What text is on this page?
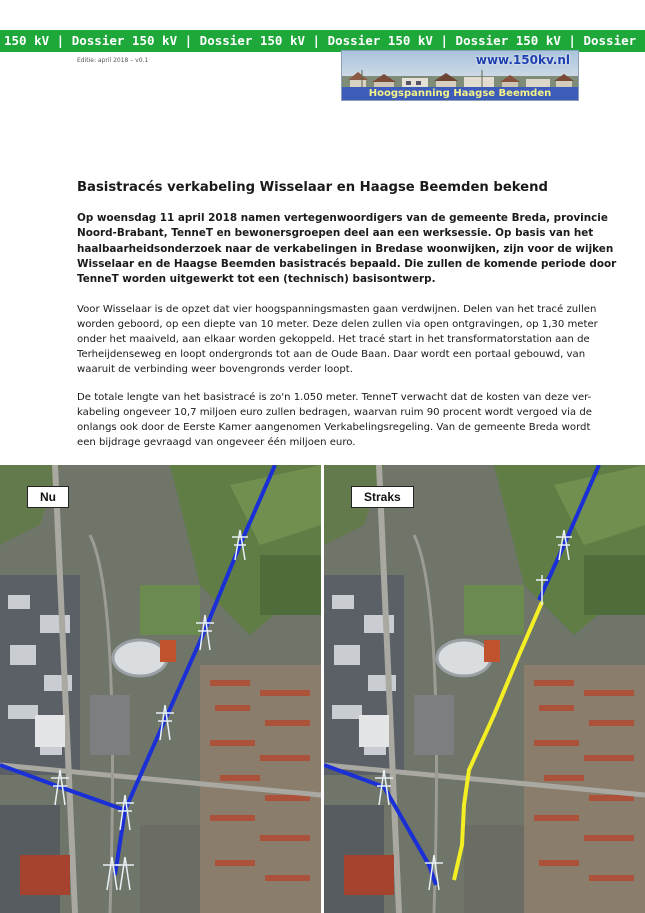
150 kV | Dossier 150 kV | Dossier 150 kV | Dossier 150 kV | Dossier 150 kV | Dossier
Editie: april 2018 – v0.1	www.150kv.nl
Hoogspanning Haagse Beemden
Basistracés verkabeling Wisselaar en Haagse Beemden bekend
Op woensdag 11 april 2018 namen vertegenwoordigers van de gemeente Breda, provincie
Noord-Brabant, TenneT en bewonersgroepen deel aan een werksessie. Op basis van het
haalbaarheidsonderzoek naar de verkabelingen in Bredase woonwijken, zijn voor de wijken
Wisselaar en de Haagse Beemden basistracés bepaald. Die zullen de komende periode door
TenneT worden uitgewerkt tot een (technisch) basisontwerp.
Voor Wisselaar is de opzet dat vier hoogspanningsmasten gaan verdwijnen. Delen van het tracé zullen
worden geboord, op een diepte van 10 meter. Deze delen zullen via open ontgravingen, op 1,30 meter
onder het maaiveld, aan elkaar worden gekoppeld. Het tracé start in het transformatorstation aan de
Terheijdenseweg en loopt ondergronds tot aan de Oude Baan. Daar wordt een portaal gebouwd, van
waaruit de verbinding weer bovengronds verder loopt.
De totale lengte van het basistracé is zo'n 1.050 meter. TenneT verwacht dat de kosten van deze ver-
kabeling ongeveer 10,7 miljoen euro zullen bedragen, waarvan ruim 90 procent wordt vergoed via de
onlangs ook door de Eerste Kamer aangenomen Verkabelingsregeling. Van de gemeente Breda wordt
een bijdrage gevraagd van ongeveer één miljoen euro.
Nu	Straks
